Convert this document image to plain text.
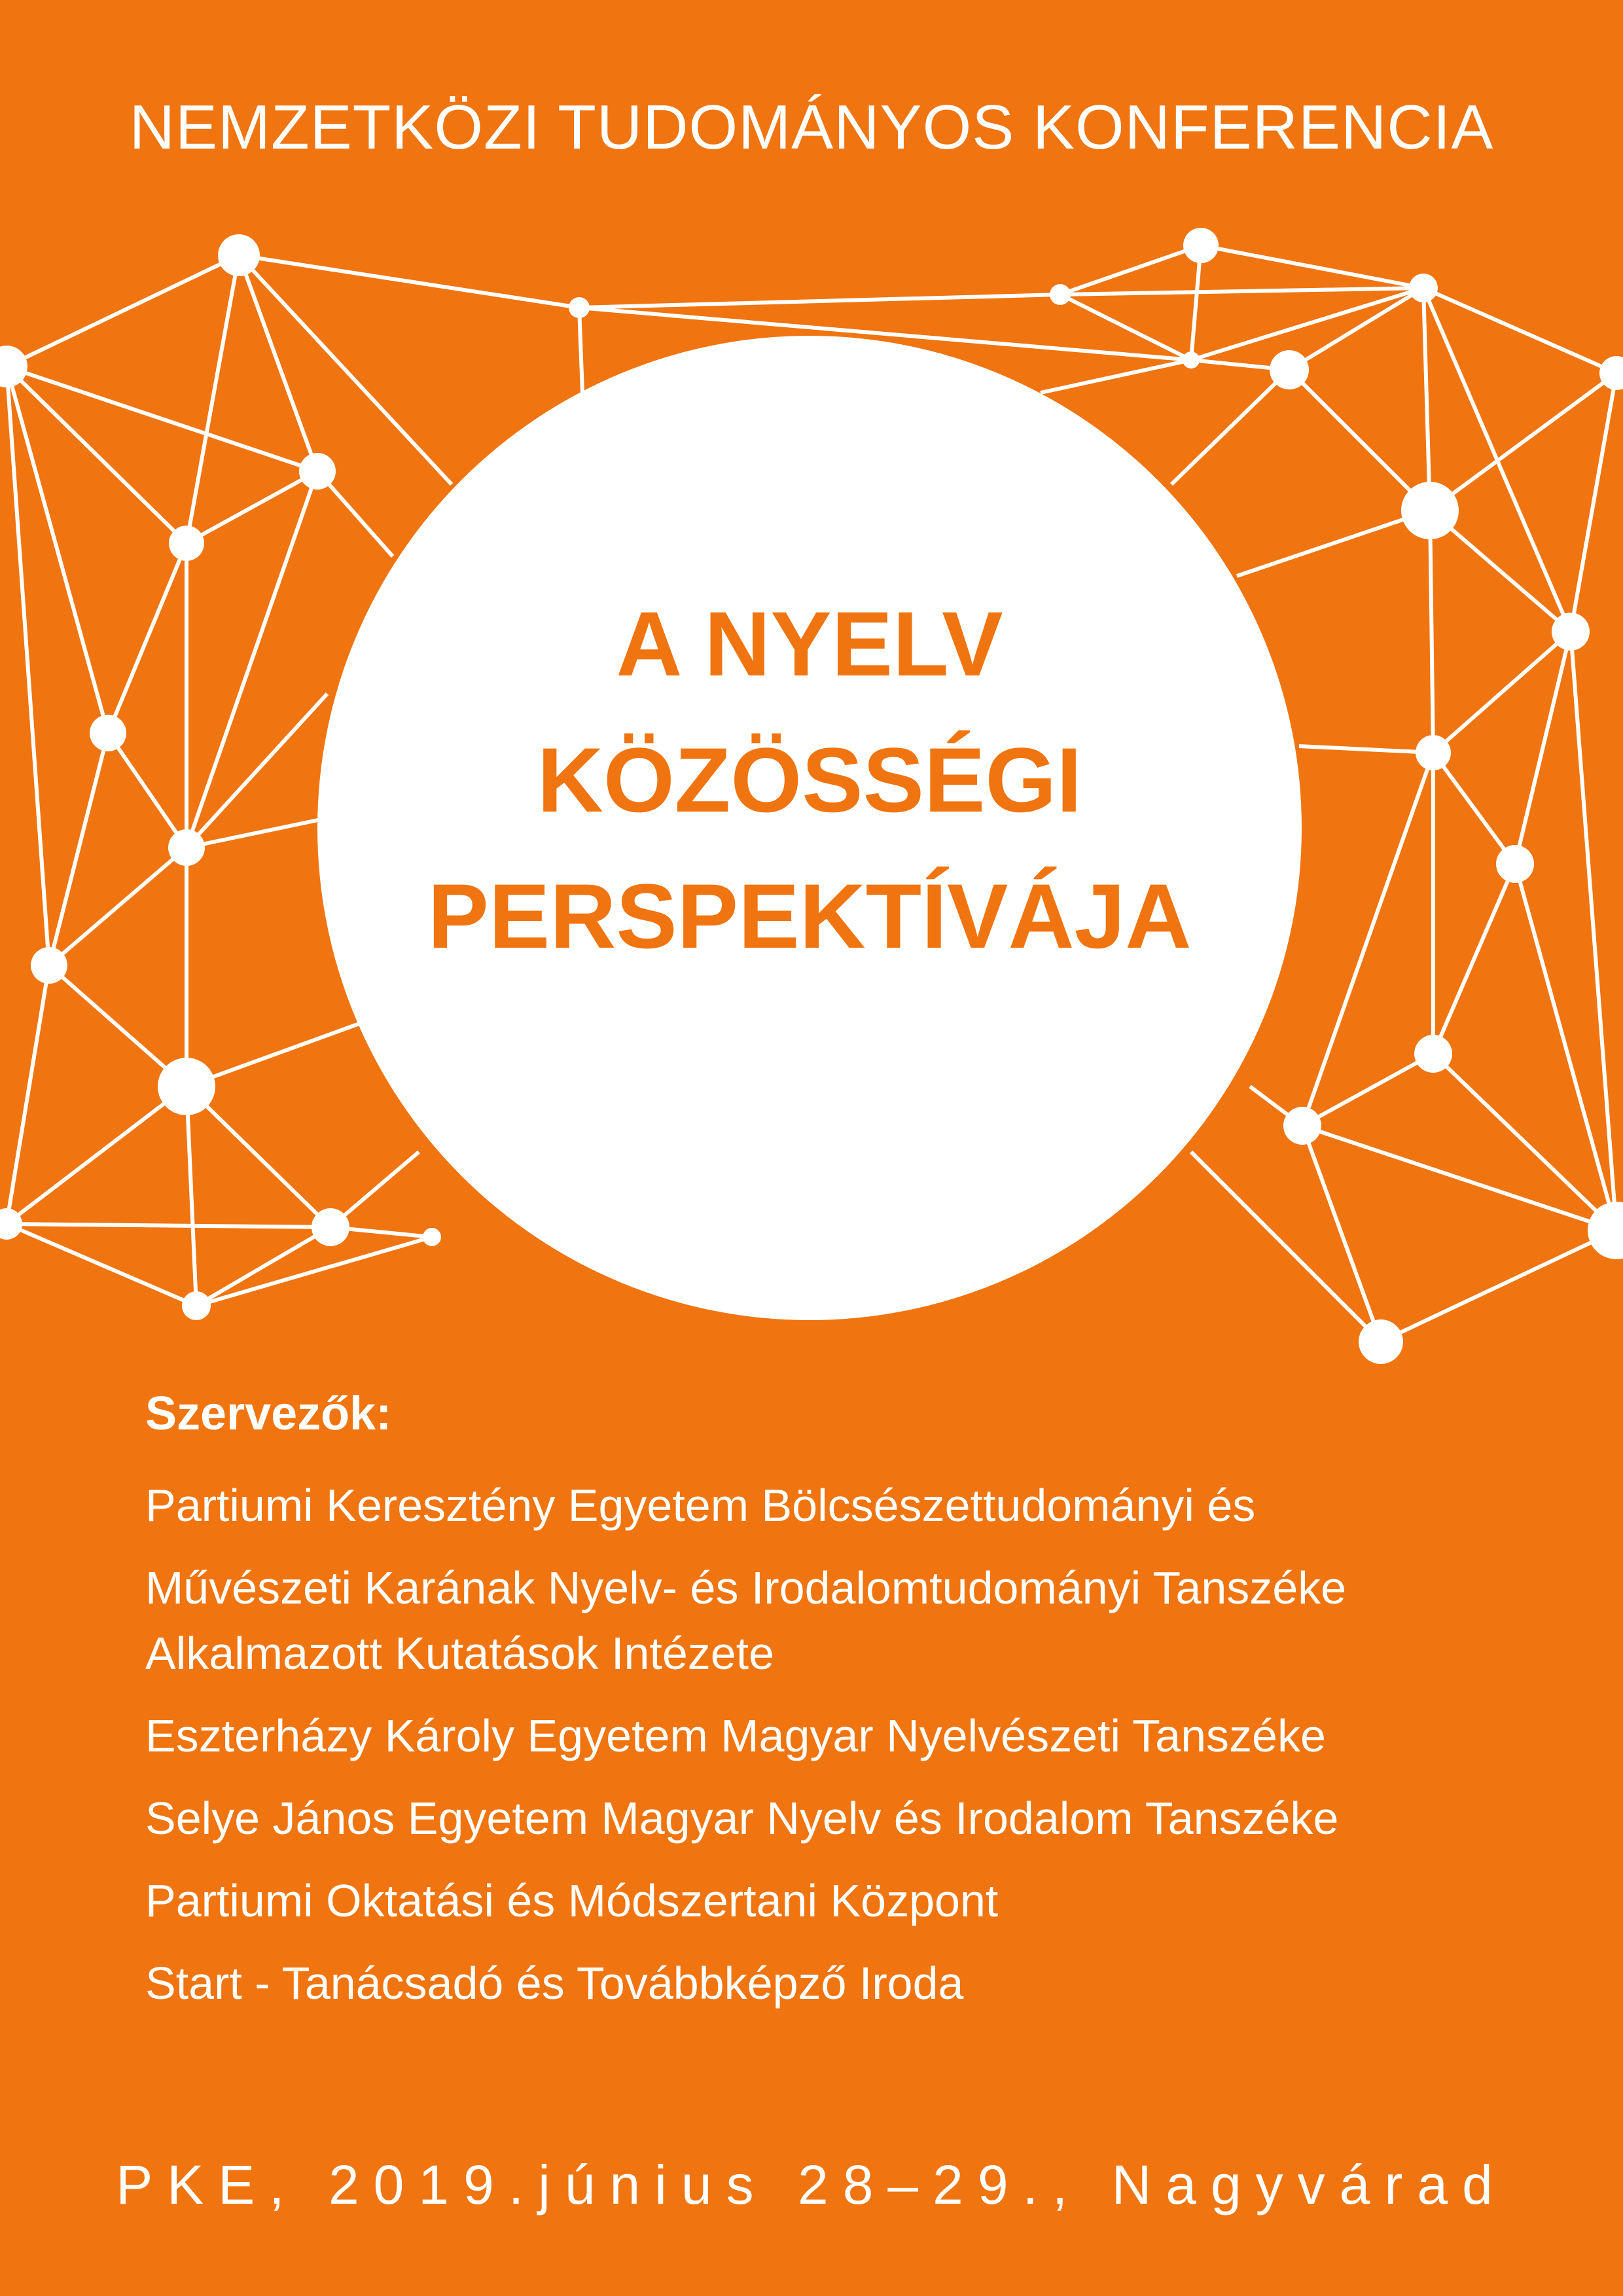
NEMZETKÖZI TUDOMÁNYOS KONFERENCIA
A NYELV
KÖZÖSSÉGI
PERSPEKTÍVÁJA
Szervezők:
Partiumi Keresztény Egyetem Bölcsészettudományi és
Művészeti Karának Nyelv- és Irodalomtudományi Tanszéke
Alkalmazott Kutatások Intézete
Eszterházy Károly Egyetem Magyar Nyelvészeti Tanszéke
Selye János Egyetem Magyar Nyelv és Irodalom Tanszéke
Partiumi Oktatási és Módszertani Központ
Start - Tanácsadó és Továbbképző Iroda
PKE, 2019.június 28–29., Nagyvárad
